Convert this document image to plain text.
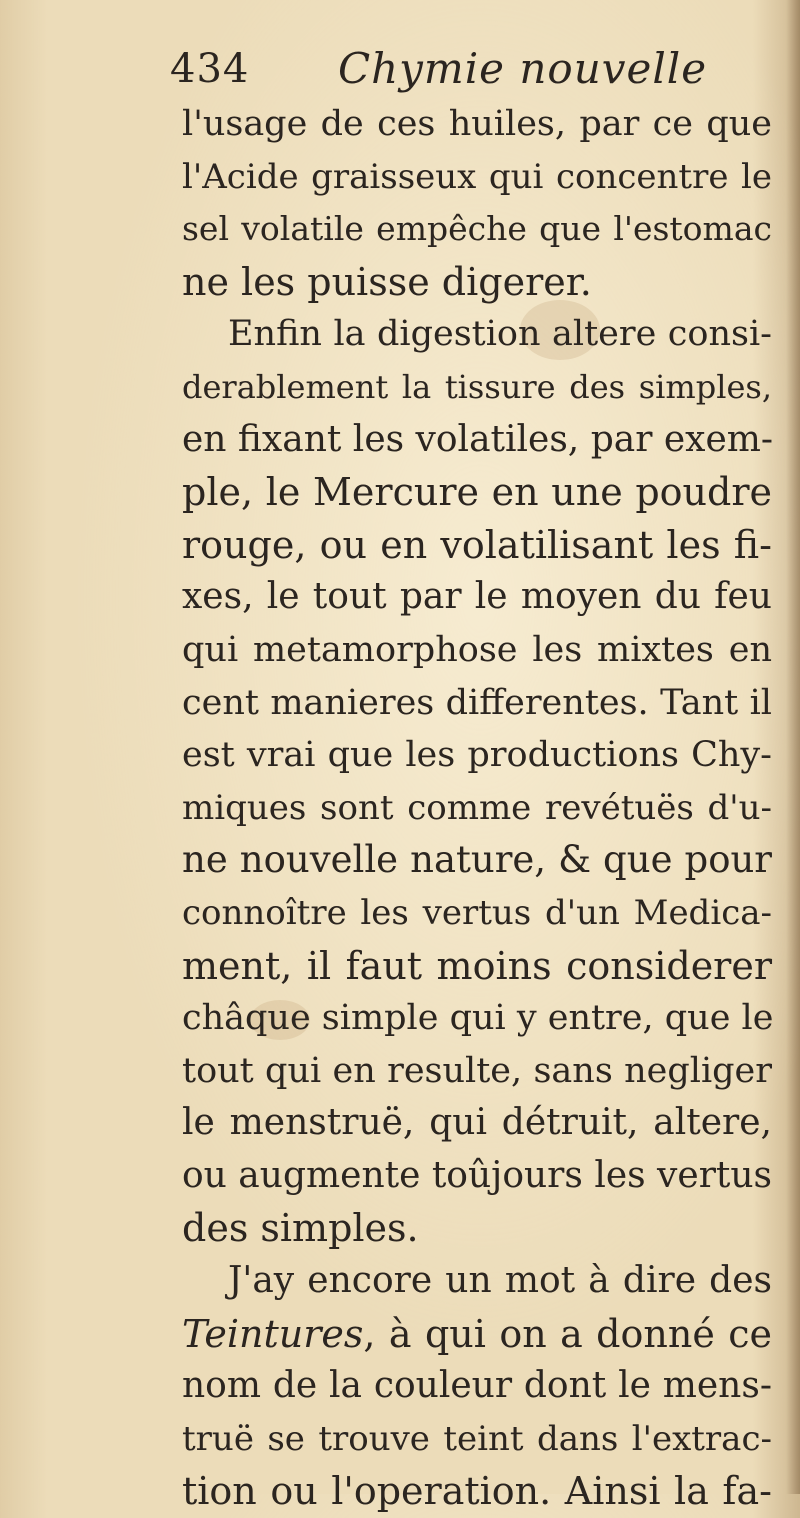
434 Chymie nouvelle
l'usage de ces huiles, par ce que
l'Acide graisseux qui concentre le
sel volatile empêche que l'estomac
ne les puisse digerer.
Enfin la digestion altere consi-
derablement la tissure des simples,
en fixant les volatiles, par exem-
ple, le Mercure en une poudre
rouge, ou en volatilisant les fi-
xes, le tout par le moyen du feu
qui metamorphose les mixtes en
cent manieres differentes. Tant il
est vrai que les productions Chy-
miques sont comme revétuës d'u-
ne nouvelle nature, & que pour
connoître les vertus d'un Medica-
ment, il faut moins considerer
châque simple qui y entre, que le
tout qui en resulte, sans negliger
le menstruë, qui détruit, altere,
ou augmente toûjours les vertus
des simples.
J'ay encore un mot à dire des
Teintures, à qui on a donné ce
nom de la couleur dont le mens-
truë se trouve teint dans l'extrac-
tion ou l'operation. Ainsi la fa-
